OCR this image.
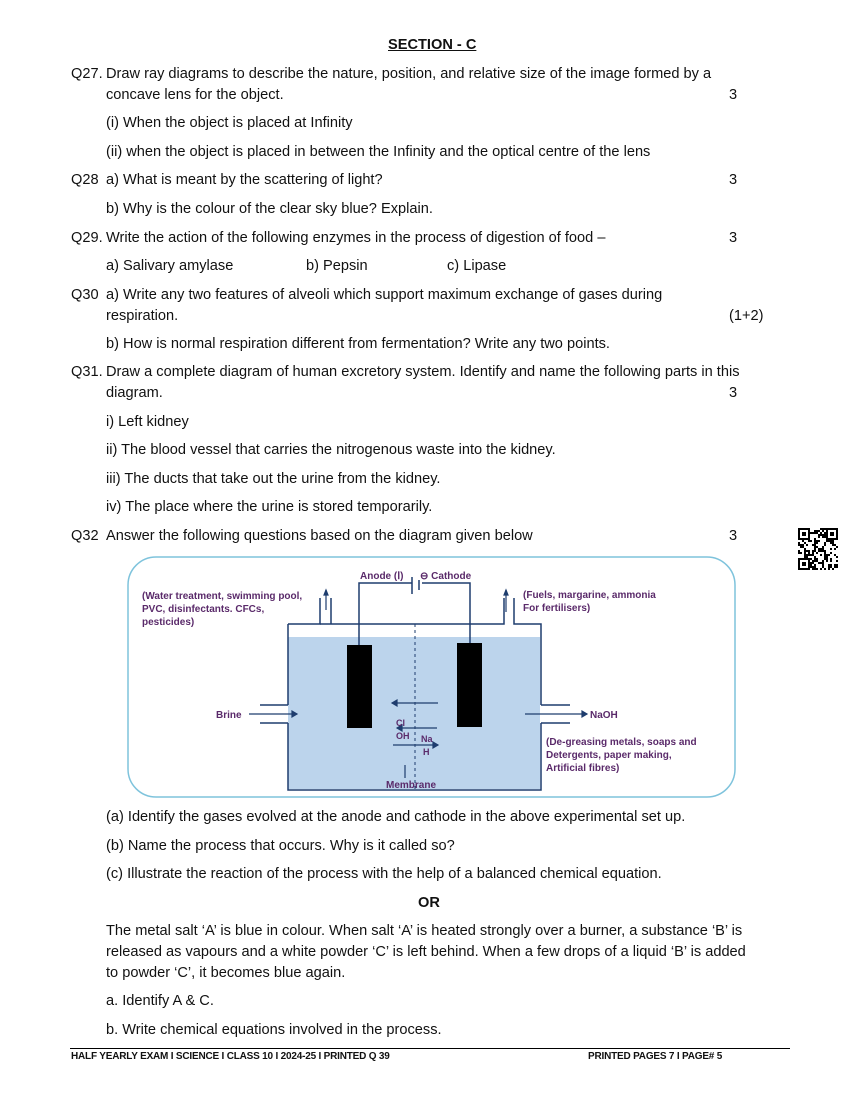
SECTION - C
Q27. Draw ray diagrams to describe the nature, position, and relative size of the image formed by a
concave lens for the object.	3
(i) When the object is placed at Infinity
(ii) when the object is placed in between the Infinity and the optical centre of the lens
Q28 a) What is meant by the scattering of light?	3
b) Why is the colour of the clear sky blue? Explain.
Q29. Write the action of the following enzymes in the process of digestion of food –	3
a) Salivary amylase	b) Pepsin	c) Lipase
Q30 a) Write any two features of alveoli which support maximum exchange of gases during
respiration.	(1+2)
b) How is normal respiration different from fermentation? Write any two points.
Q31. Draw a complete diagram of human excretory system. Identify and name the following parts in this
diagram.	3
i) Left kidney
ii) The blood vessel that carries the nitrogenous waste into the kidney.
iii) The ducts that take out the urine from the kidney.
iv) The place where the urine is stored temporarily.
Q32 Answer the following questions based on the diagram given below	3
Anode (Ⅰ) ⊖ Cathode
(Water treatment, swimming pool,
PVC, disinfectants. CFCs,
pesticides)
(Fuels, margarine, ammonia
For fertilisers)
Brine	NaOH
(De-greasing metals, soaps and
Detergents, paper making,
Artificial fibres)
Cl
OH Na
H
Membrane
(a) Identify the gases evolved at the anode and cathode in the above experimental set up.
(b) Name the process that occurs. Why is it called so?
(c) Illustrate the reaction of the process with the help of a balanced chemical equation.
OR
The metal salt ‘A’ is blue in colour. When salt ‘A’ is heated strongly over a burner, a substance ‘B’ is
released as vapours and a white powder ‘C’ is left behind. When a few drops of a liquid ‘B’ is added
to powder ‘C’, it becomes blue again.
a. Identify A & C.
b. Write chemical equations involved in the process.
HALF YEARLY EXAM I SCIENCE I CLASS 10 I 2024-25 I PRINTED Q 39	PRINTED PAGES 7 I PAGE# 5
